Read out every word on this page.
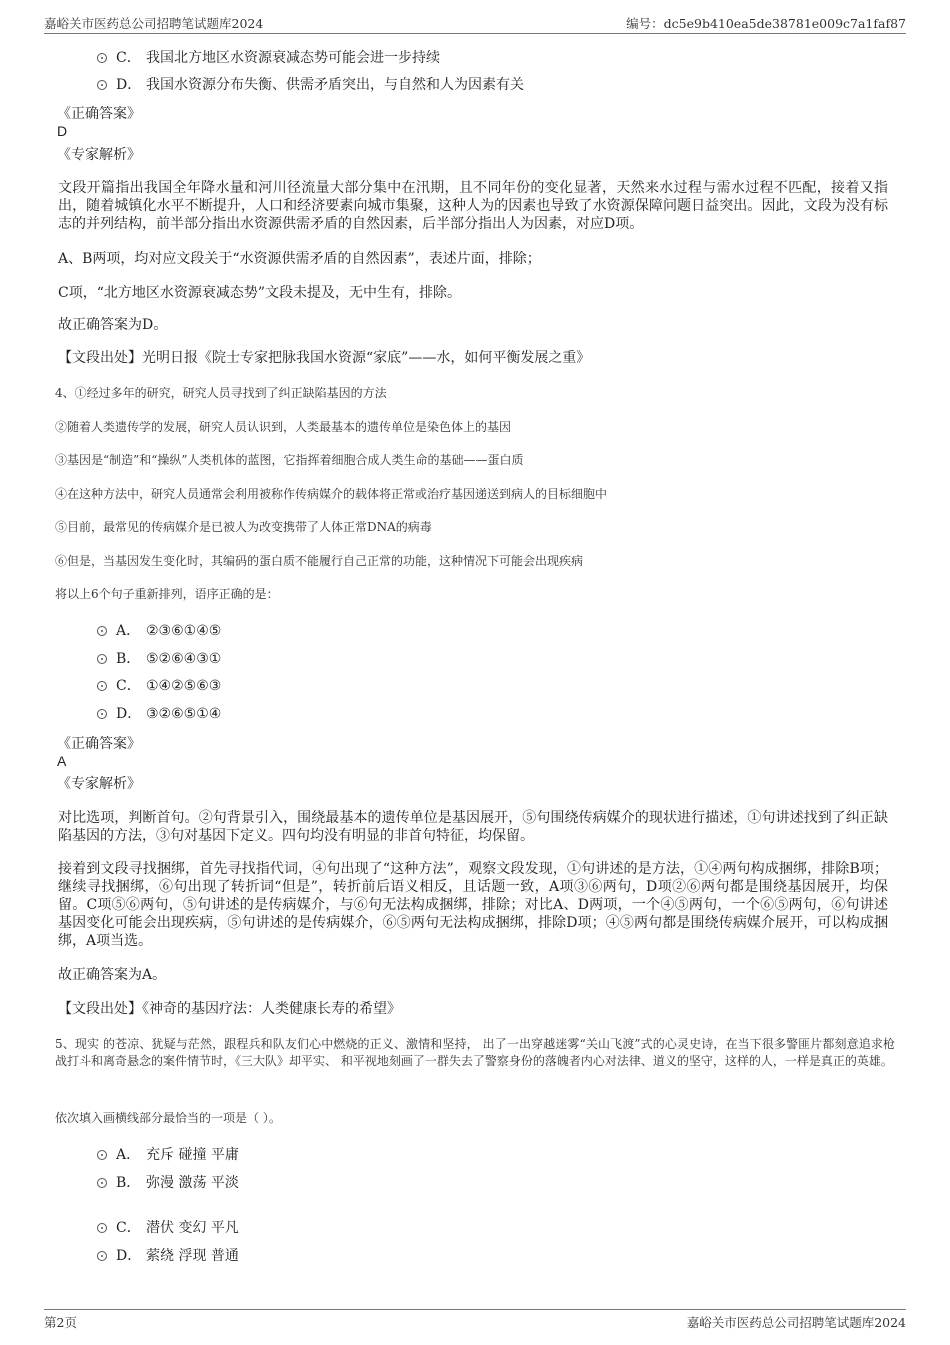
嘉峪关市医药总公司招聘笔试题库2024	编号：dc5e9b410ea5de38781e009c7a1faf87
C． 我国北方地区水资源衰减态势可能会进一步持续
D． 我国水资源分布失衡、供需矛盾突出，与自然和人为因素有关
《正确答案》
D
《专家解析》
文段开篇指出我国全年降水量和河川径流量大部分集中在汛期，且不同年份的变化显著，天然来水过程与需水过程不匹配，接着又指出，随着城镇化水平不断提升，人口和经济要素向城市集聚，这种人为的因素也导致了水资源保障问题日益突出。因此，文段为没有标志的并列结构，前半部分指出水资源供需矛盾的自然因素，后半部分指出人为因素，对应D项。
A、B两项，均对应文段关于“水资源供需矛盾的自然因素”，表述片面，排除；
C项，“北方地区水资源衰减态势”文段未提及，无中生有，排除。
故正确答案为D。
【文段出处】光明日报《院士专家把脉我国水资源“家底”——水，如何平衡发展之重》
4、①经过多年的研究，研究人员寻找到了纠正缺陷基因的方法
②随着人类遗传学的发展，研究人员认识到，人类最基本的遗传单位是染色体上的基因
③基因是“制造”和“操纵”人类机体的蓝图，它指挥着细胞合成人类生命的基础——蛋白质
④在这种方法中，研究人员通常会利用被称作传病媒介的载体将正常或治疗基因递送到病人的目标细胞中
⑤目前，最常见的传病媒介是已被人为改变携带了人体正常DNA的病毒
⑥但是，当基因发生变化时，其编码的蛋白质不能履行自己正常的功能，这种情况下可能会出现疾病
将以上6个句子重新排列，语序正确的是：
A． ②③⑥①④⑤
B． ⑤②⑥④③①
C． ①④②⑤⑥③
D． ③②⑥⑤①④
《正确答案》
A
《专家解析》
对比选项，判断首句。②句背景引入，围绕最基本的遗传单位是基因展开，⑤句围绕传病媒介的现状进行描述，①句讲述找到了纠正缺陷基因的方法，③句对基因下定义。四句均没有明显的非首句特征，均保留。
接着到文段寻找捆绑，首先寻找指代词，④句出现了“这种方法”，观察文段发现，①句讲述的是方法，①④两句构成捆绑，排除B项；继续寻找捆绑，⑥句出现了转折词“但是”，转折前后语义相反，且话题一致，A项③⑥两句，D项②⑥两句都是围绕基因展开，均保留。C项⑤⑥两句，⑤句讲述的是传病媒介，与⑥句无法构成捆绑，排除；对比A、D两项，一个④⑤两句，一个⑥⑤两句，⑥句讲述基因变化可能会出现疾病，⑤句讲述的是传病媒介，⑥⑤两句无法构成捆绑，排除D项；④⑤两句都是围绕传病媒介展开，可以构成捆绑，A项当选。
故正确答案为A。
【文段出处】《神奇的基因疗法：人类健康长寿的希望》
5、现实 的苍凉、犹疑与茫然，跟程兵和队友们心中燃烧的正义、激情和坚持， 出了一出穿越迷雾“关山飞渡”式的心灵史诗，在当下很多警匪片都刻意追求枪战打斗和离奇悬念的案件情节时，《三大队》却平实、 和平视地刻画了一群失去了警察身份的落魄者内心对法律、道义的坚守，这样的人，一样是真正的英雄。
依次填入画横线部分最恰当的一项是（ ）。
A． 充斥 碰撞 平庸
B． 弥漫 激荡 平淡
C． 潜伏 变幻 平凡
D． 萦绕 浮现 普通
第2页	嘉峪关市医药总公司招聘笔试题库2024
